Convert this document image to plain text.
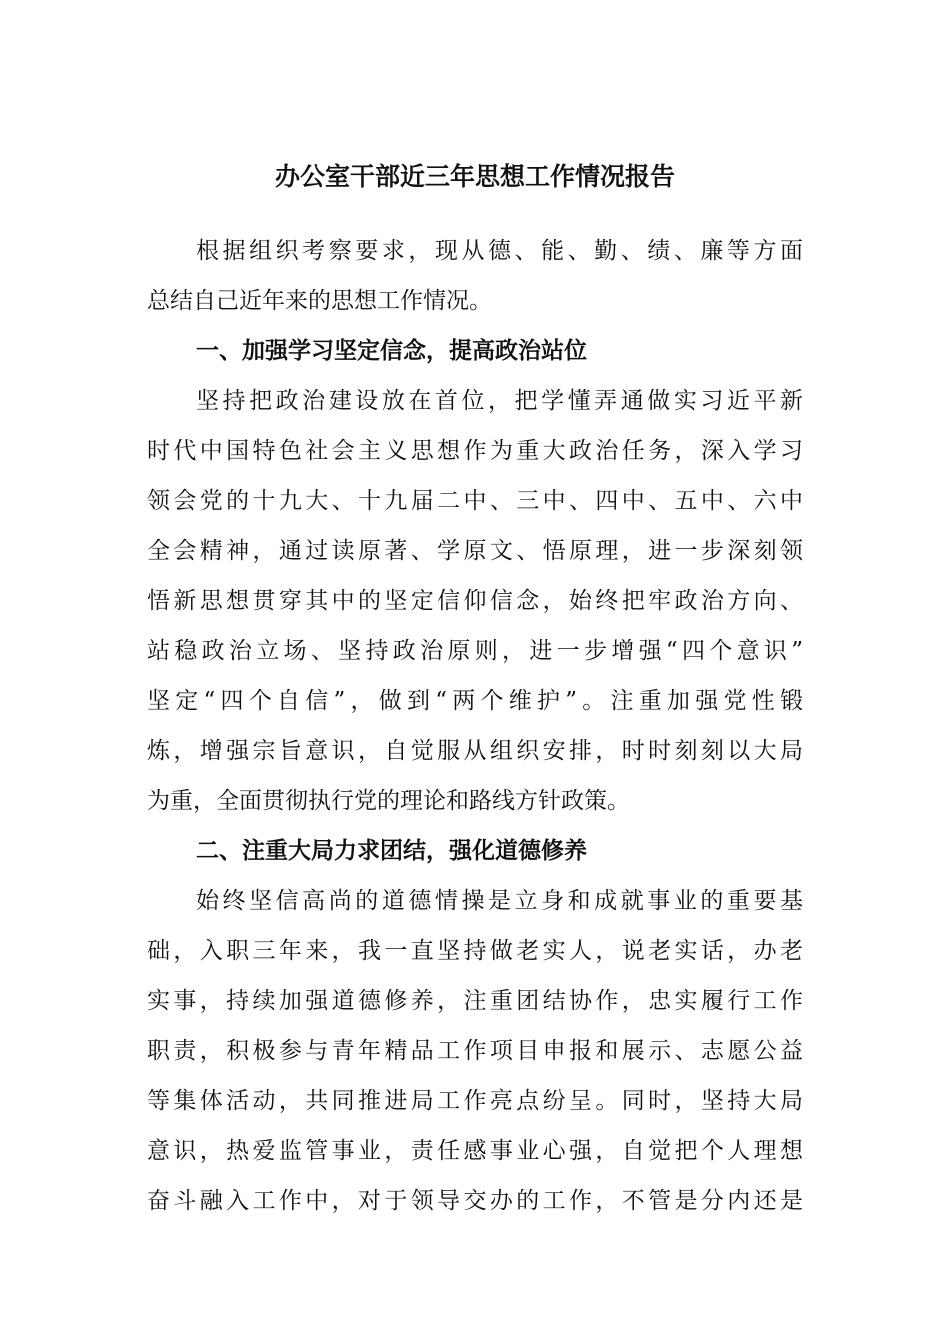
办公室干部近三年思想工作情况报告
根据组织考察要求，现从德、能、勤、绩、廉等方面
总结自己近年来的思想工作情况。
一、加强学习坚定信念，提高政治站位
坚持把政治建设放在首位，把学懂弄通做实习近平新
时代中国特色社会主义思想作为重大政治任务，深入学习
领会党的十九大、十九届二中、三中、四中、五中、六中
全会精神，通过读原著、学原文、悟原理，进一步深刻领
悟新思想贯穿其中的坚定信仰信念，始终把牢政治方向、
站稳政治立场、坚持政治原则，进一步增强“四个意识”
坚定“四个自信”，做到“两个维护”。注重加强党性锻
炼，增强宗旨意识，自觉服从组织安排，时时刻刻以大局
为重，全面贯彻执行党的理论和路线方针政策。
二、注重大局力求团结，强化道德修养
始终坚信高尚的道德情操是立身和成就事业的重要基
础，入职三年来，我一直坚持做老实人，说老实话，办老
实事，持续加强道德修养，注重团结协作，忠实履行工作
职责，积极参与青年精品工作项目申报和展示、志愿公益
等集体活动，共同推进局工作亮点纷呈。同时，坚持大局
意识，热爱监管事业，责任感事业心强，自觉把个人理想
奋斗融入工作中，对于领导交办的工作，不管是分内还是
